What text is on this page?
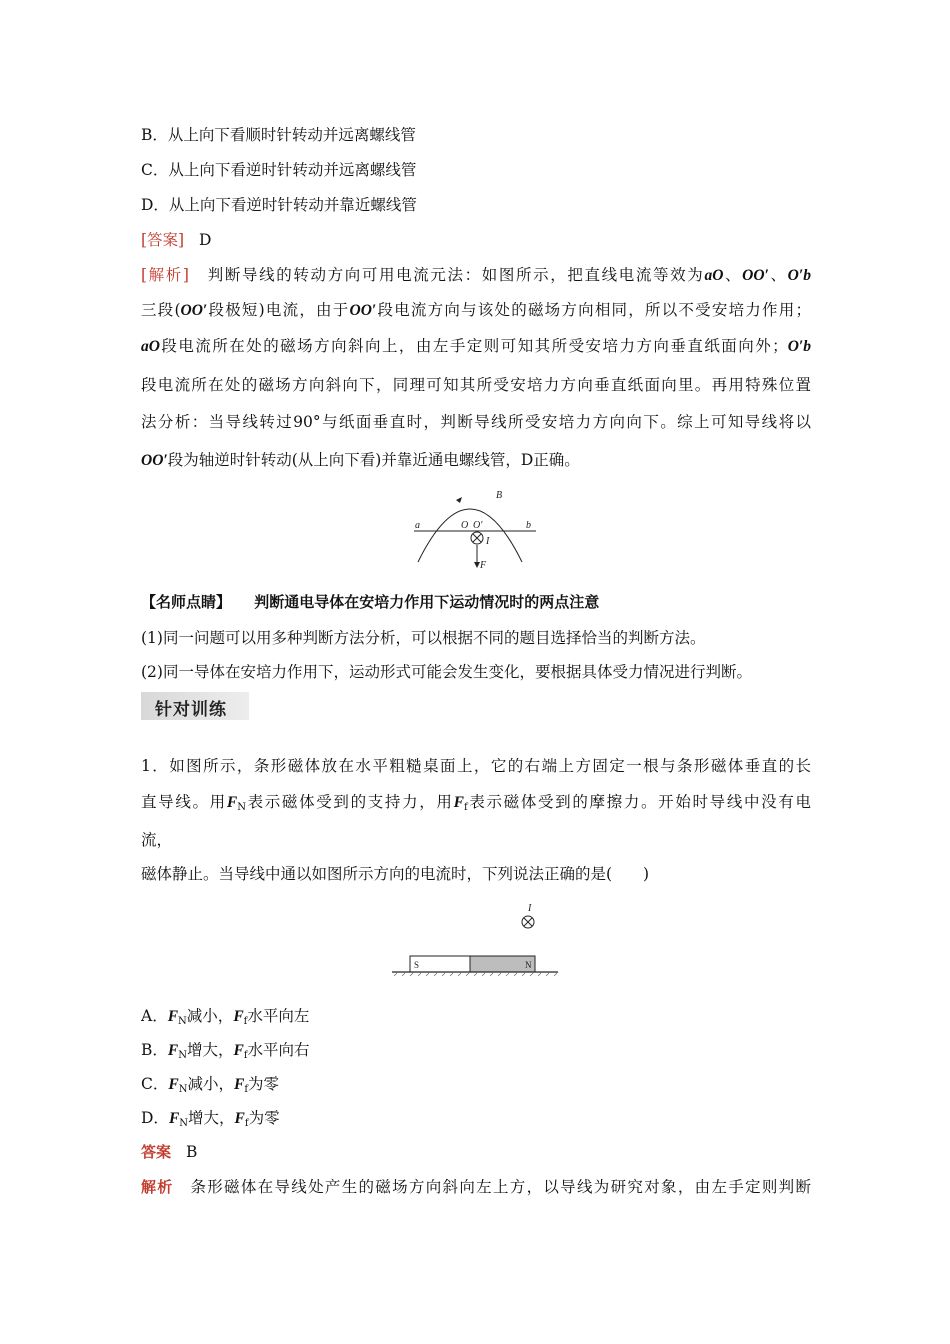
B．从上向下看顺时针转动并远离螺线管
C．从上向下看逆时针转动并远离螺线管
D．从上向下看逆时针转动并靠近螺线管
[答案] D
[解析]　 判断导线的转动方向可用电流元法：如图所示，把直线电流等效为aO、OO′、O′b
三段(OO′段极短)电流，由于OO′段电流方向与该处的磁场方向相同，所以不受安培力作用；
aO段电流所在处的磁场方向斜向上，由左手定则可知其所受安培力方向垂直纸面向外；O′b
段电流所在处的磁场方向斜向下，同理可知其所受安培力方向垂直纸面向里。再用特殊位置
法分析：当导线转过90°与纸面垂直时，判断导线所受安培力方向向下。综上可知导线将以
OO′段为轴逆时针转动(从上向下看)并靠近通电螺线管，D正确。
a	O O′	b
B
I
F
【名师点睛】 判断通电导体在安培力作用下运动情况时的两点注意
(1)同一问题可以用多种判断方法分析，可以根据不同的题目选择恰当的判断方法。
(2)同一导体在安培力作用下，运动形式可能会发生变化，要根据具体受力情况进行判断。
针对训练
1．如图所示，条形磁体放在水平粗糙桌面上，它的右端上方固定一根与条形磁体垂直的长
直导线。用$F_N$表示磁体受到的支持力，用$F_f$表示磁体受到的摩擦力。开始时导线中没有电
流，
磁体静止。当导线中通以如图所示方向的电流时，下列说法正确的是(　　)
I
S	N
A．$F_N$减小，$F_f$水平向左
B．$F_N$增大，$F_f$水平向右
C．$F_N$减小，$F_f$为零
D．$F_N$增大，$F_f$为零
答案 B
解析　 条形磁体在导线处产生的磁场方向斜向左上方，以导线为研究对象，由左手定则判断
